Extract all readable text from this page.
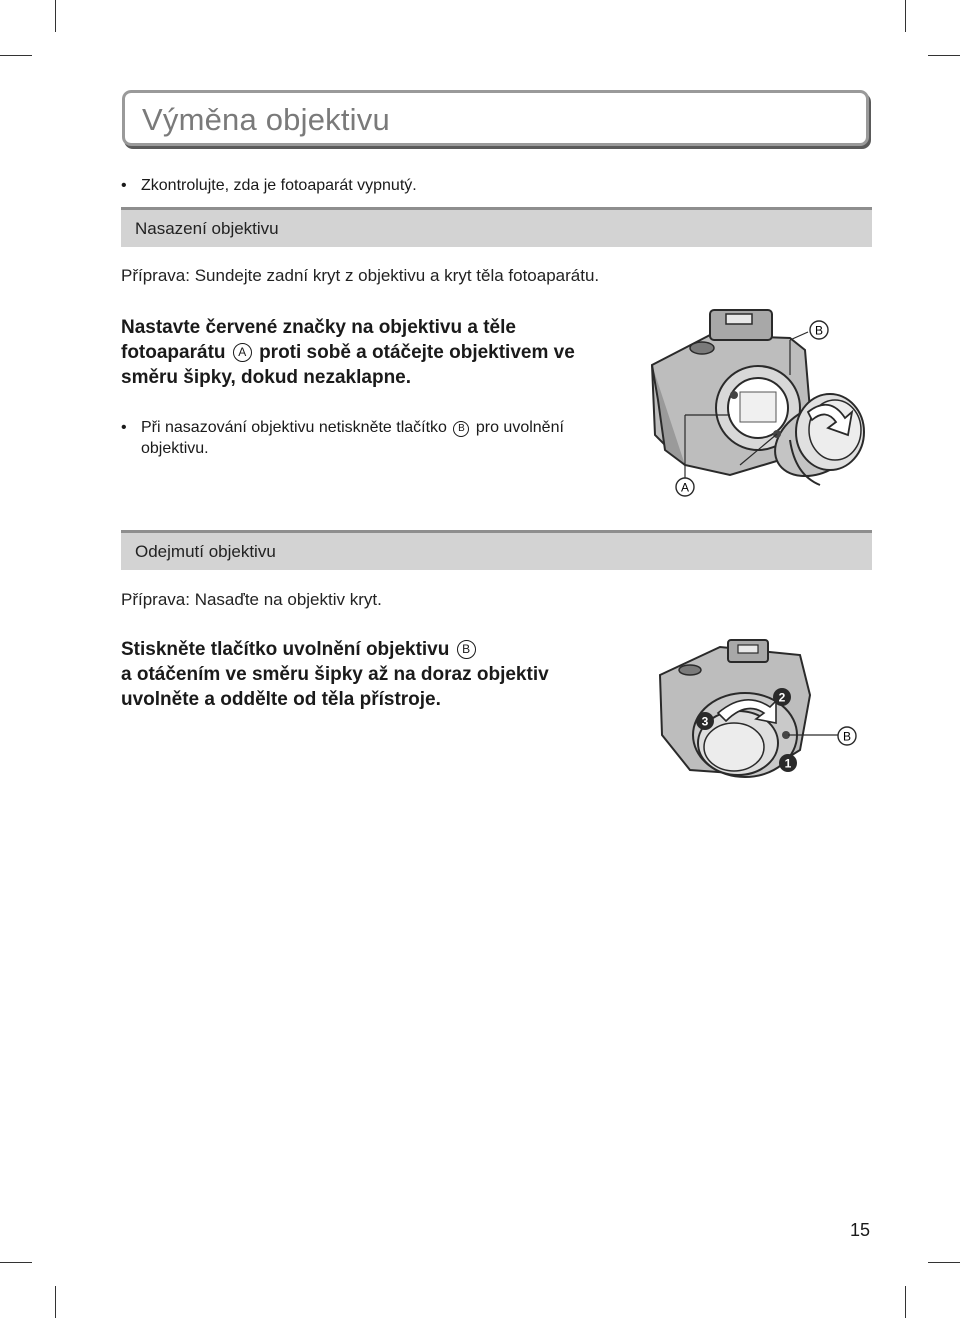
Výměna objektivu
• Zkontrolujte, zda je fotoaparát vypnutý.
Nasazení objektivu
Příprava: Sundejte zadní kryt z objektivu a kryt těla fotoaparátu.
Nastavte červené značky na objektivu a těle
fotoaparátu A proti sobě a otáčejte objektivem ve
směru šipky, dokud nezaklapne.
• Při nasazování objektivu netiskněte tlačítko B pro uvolnění
objektivu.
B
A
Odejmutí objektivu
Příprava: Nasaďte na objektiv kryt.
Stiskněte tlačítko uvolnění objektivu B
a otáčením ve směru šipky až na doraz objektiv
uvolněte a oddělte od těla přístroje.	2
3
1
B
15
